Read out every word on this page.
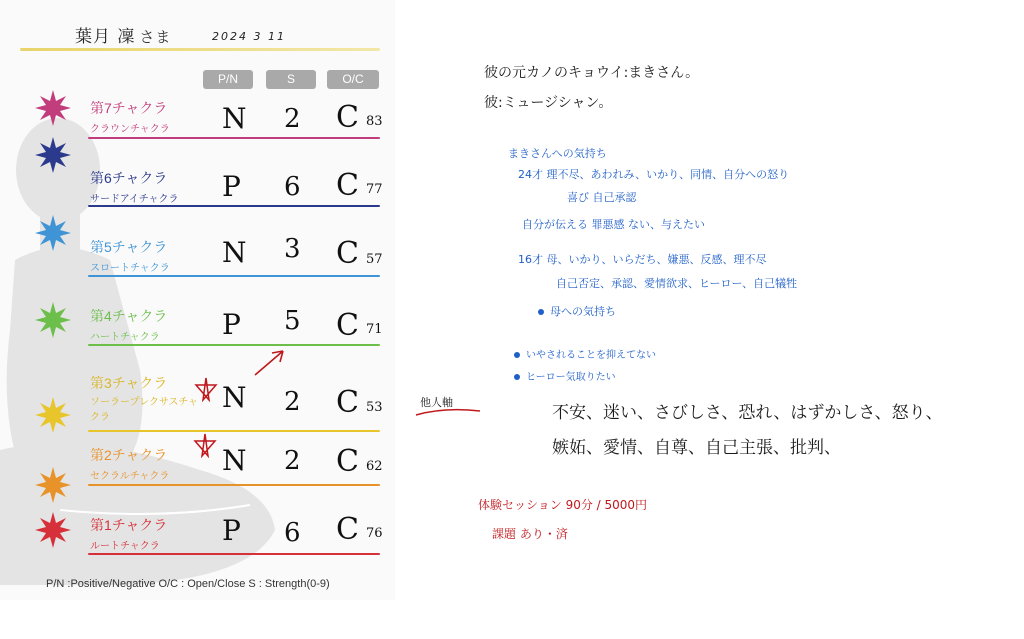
葉月 凜 さま	2024 3 11
P/N	S	O/C
第7チャクラ
クラウンチャクラ N 2 C 83
第6チャクラ
サードアイチャクラ P 6 C 77
第5チャクラ
スロートチャクラ N 3 C 57
第4チャクラ
ハートチャクラ P 5 C 71
第3チャクラ
ソーラープレクサスチャクラ
N 2 C 53
第2チャクラ
セクラルチャクラ N 2 C 62
第1チャクラ
ルートチャクラ P 6 C 76
P/N :Positive/Negative O/C : Open/Close S : Strength(0-9)
彼の元カノのキョウイ:まきさん。
彼:ミュージシャン。
まきさんへの気持ち
24才 理不尽、あわれみ、いかり、同情、自分への怒り
喜び 自己承認
自分が伝える 罪悪感 ない、与えたい
16才 母、いかり、いらだち、嫌悪、反感、理不尽
自己否定、承認、愛情欲求、ヒーロー、自己犠牲
母への気持ち
いやされることを抑えてない
ヒーロー気取りたい
他人軸
不安、迷い、さびしさ、恐れ、はずかしさ、怒り、
嫉妬、愛情、自尊、自己主張、批判、
体験セッション 90分 / 5000円
課題 あり・済
